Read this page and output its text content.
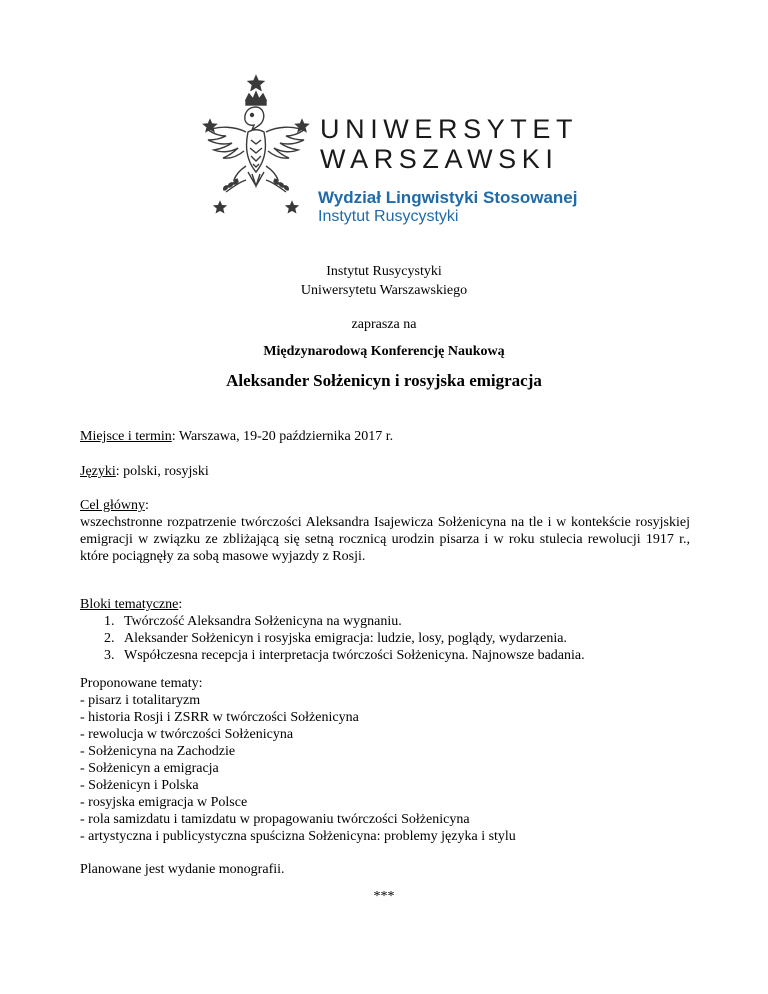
UNIWERSYTET
WARSZAWSKI
Wydział Lingwistyki Stosowanej
Instytut Rusycystyki
Instytut Rusycystyki
Uniwersytetu Warszawskiego
zaprasza na
Międzynarodową Konferencję Naukową
Aleksander Sołżenicyn i rosyjska emigracja
Miejsce i termin: Warszawa, 19-20 października 2017 r.
Języki: polski, rosyjski
Cel główny:
wszechstronne rozpatrzenie twórczości Aleksandra Isajewicza Sołżenicyna na tle i w kontekście rosyjskiej emigracji w związku ze zbliżającą się setną rocznicą urodzin pisarza i w roku stulecia rewolucji 1917 r., które pociągnęły za sobą masowe wyjazdy z Rosji.
Bloki tematyczne:
1. Twórczość Aleksandra Sołżenicyna na wygnaniu.
2. Aleksander Sołżenicyn i rosyjska emigracja: ludzie, losy, poglądy, wydarzenia.
3. Współczesna recepcja i interpretacja twórczości Sołżenicyna. Najnowsze badania.
Proponowane tematy:
- pisarz i totalitaryzm
- historia Rosji i ZSRR w twórczości Sołżenicyna
- rewolucja w twórczości Sołżenicyna
- Sołżenicyna na Zachodzie
- Sołżenicyn a emigracja
- Sołżenicyn i Polska
- rosyjska emigracja w Polsce
- rola samizdatu i tamizdatu w propagowaniu twórczości Sołżenicyna
- artystyczna i publicystyczna spuścizna Sołżenicyna: problemy języka i stylu
Planowane jest wydanie monografii.
***
